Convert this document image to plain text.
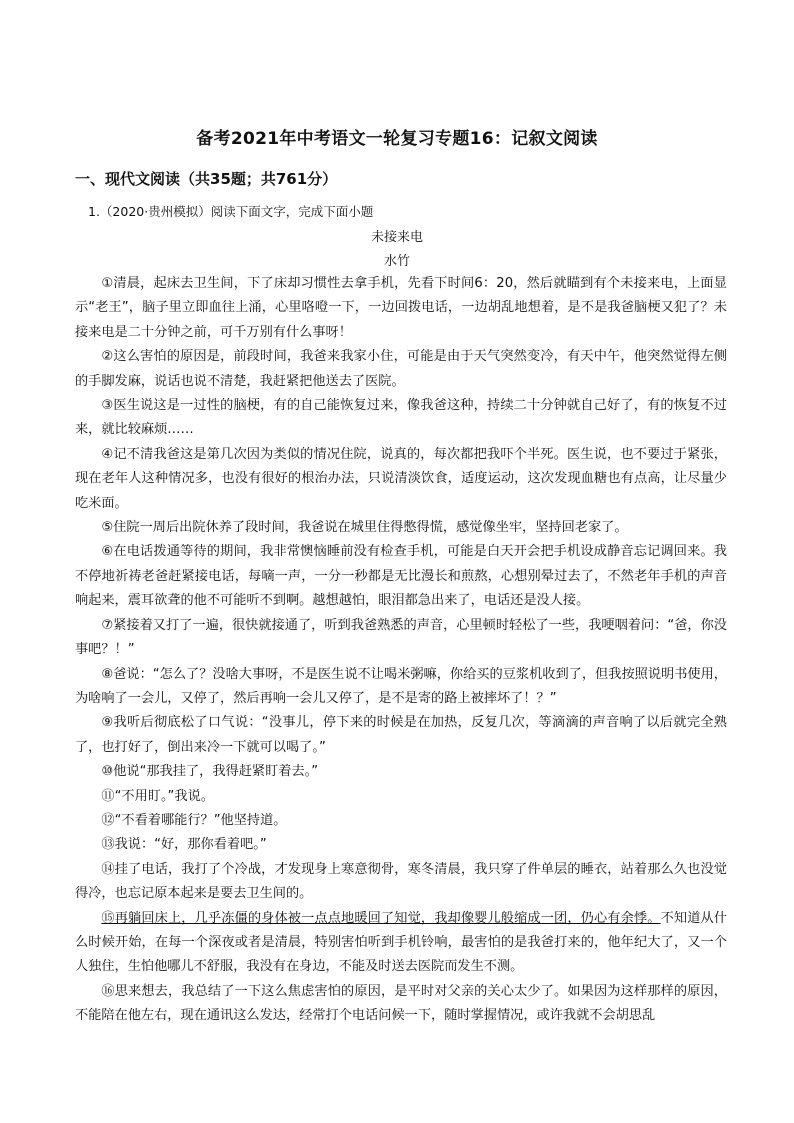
备考2021年中考语文一轮复习专题16：记叙文阅读
一、现代文阅读（共35题；共761分）
1.（2020·贵州模拟）阅读下面文字，完成下面小题
未接来电
水竹

①清晨，起床去卫生间，下了床却习惯性去拿手机，先看下时间6：20，然后就瞄到有个未接来电，上面显示“老王”，脑子里立即血往上涌，心里咯噔一下，一边回拨电话，一边胡乱地想着，是不是我爸脑梗又犯了？未接来电是二十分钟之前，可千万别有什么事呀！

②这么害怕的原因是，前段时间，我爸来我家小住，可能是由于天气突然变冷，有天中午，他突然觉得左侧的手脚发麻，说话也说不清楚，我赶紧把他送去了医院。

③医生说这是一过性的脑梗，有的自己能恢复过来，像我爸这种，持续二十分钟就自己好了，有的恢复不过来，就比较麻烦……

④记不清我爸这是第几次因为类似的情况住院，说真的，每次都把我吓个半死。医生说，也不要过于紧张，现在老年人这种情况多，也没有很好的根治办法，只说清淡饮食，适度运动，这次发现血糖也有点高，让尽量少吃米面。

⑤住院一周后出院休养了段时间，我爸说在城里住得憋得慌，感觉像坐牢，坚持回老家了。

⑥在电话拨通等待的期间，我非常懊恼睡前没有检查手机，可能是白天开会把手机设成静音忘记调回来。我不停地祈祷老爸赶紧接电话，每嘀一声，一分一秒都是无比漫长和煎熬，心想别晕过去了，不然老年手机的声音响起来，震耳欲聋的他不可能听不到啊。越想越怕，眼泪都急出来了，电话还是没人接。

⑦紧接着又打了一遍，很快就接通了，听到我爸熟悉的声音，心里顿时轻松了一些，我哽咽着问：“爸，你没事吧？！”

⑧爸说：“怎么了？没啥大事呀，不是医生说不让喝米粥嘛，你给买的豆浆机收到了，但我按照说明书使用，为啥响了一会儿，又停了，然后再响一会儿又停了，是不是寄的路上被摔坏了！？”

⑨我听后彻底松了口气说：“没事儿，停下来的时候是在加热，反复几次，等滴滴的声音响了以后就完全熟了，也打好了，倒出来冷一下就可以喝了。”

⑩他说“那我挂了，我得赶紧盯着去。”

⑪“不用盯。”我说。

⑫“不看着哪能行？”他坚持道。

⑬我说：“好，那你看着吧。”

⑭挂了电话，我打了个冷战，才发现身上寒意彻骨，寒冬清晨，我只穿了件单层的睡衣，站着那么久也没觉得冷，也忘记原本起来是要去卫生间的。

⑮再躺回床上，几乎冻僵的身体被一点点地暖回了知觉，我却像婴儿般缩成一团，仍心有余悸。不知道从什么时候开始，在每一个深夜或者是清晨，特别害怕听到手机铃响，最害怕的是我爸打来的，他年纪大了，又一个人独住，生怕他哪儿不舒服，我没有在身边，不能及时送去医院而发生不测。

⑯思来想去，我总结了一下这么焦虑害怕的原因，是平时对父亲的关心太少了。如果因为这样那样的原因，不能陪在他左右，现在通讯这么发达，经常打个电话问候一下，随时掌握情况，或许我就不会胡思乱
